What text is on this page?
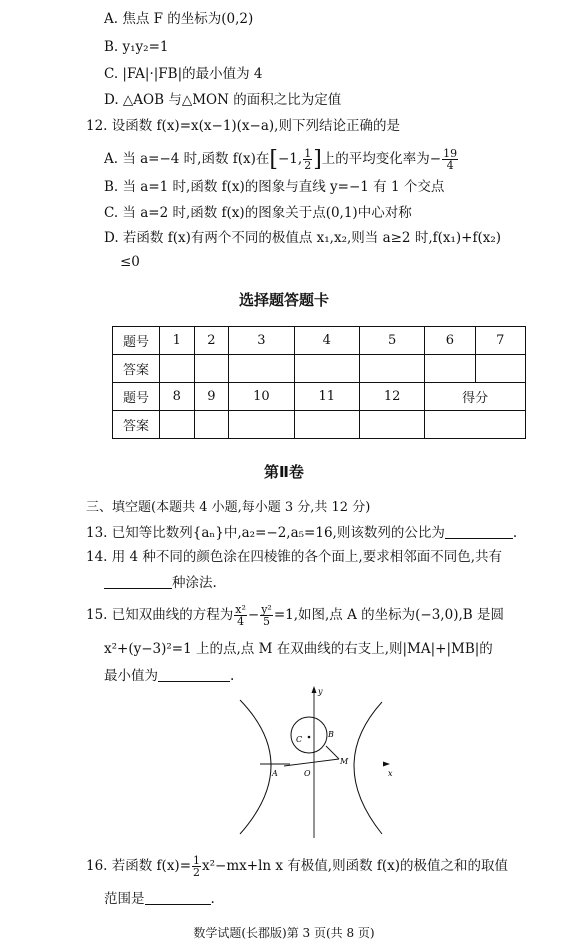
A. 焦点 F 的坐标为(0,2)
B. y₁y₂=1
C. |FA|·|FB|的最小值为 4
D. △AOB 与△MON 的面积之比为定值
12. 设函数 f(x)=x(x−1)(x−a),则下列结论正确的是
A. 当 a=−4 时,函数 f(x)在[−1, $\frac{1}{2}$ ]上的平均变化率为− $\frac{19}{4}$
B. 当 a=1 时,函数 f(x)的图象与直线 y=−1 有 1 个交点
C. 当 a=2 时,函数 f(x)的图象关于点(0,1)中心对称
D. 若函数 f(x)有两个不同的极值点 x₁,x₂,则当 a≥2 时,f(x₁)+f(x₂)
≤0
选择题答题卡
题号	1	2	3	4	5	6	7
答案							
题号	8	9	10	11	12	得分	
答案							
第Ⅱ卷
三、填空题(本题共 4 小题,每小题 3 分,共 12 分)
13. 已知等比数列{aₙ}中,a₂=−2,a₅=16,则该数列的公比为	.
14. 用 4 种不同的颜色涂在四棱锥的各个面上,要求相邻面不同色,共有
种涂法.
15. 已知双曲线的方程为 $\frac{\text{x²}}{4} - \frac{\text{y²}}{5} =1$,如图,点 A 的坐标为(−3,0),B 是圆
x²+(y−3)²=1 上的点,点 M 在双曲线的右支上,则|MA|+|MB|的
最小值为	.
y
x
C
B
A	O
M
16. 若函数 $f(x)= \frac{1}{2} x^2-mx+\ln$ x 有极值,则函数 f(x)的极值之和的取值
范围是	.
数学试题(长郡版)第 3 页(共 8 页)
